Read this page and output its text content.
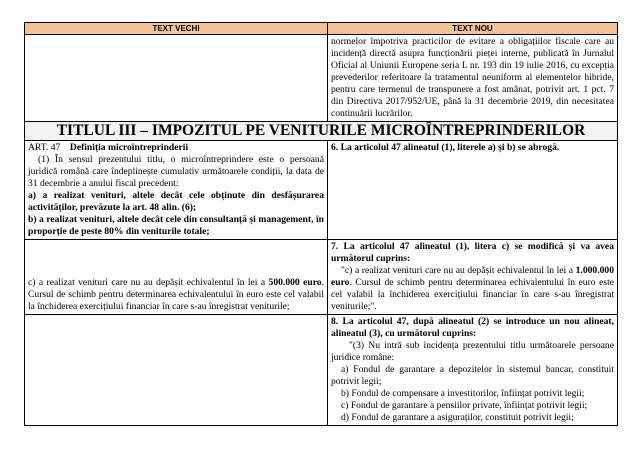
TEXT VECHI	TEXT NOU
normelor împotriva practicilor de evitare a obligațiilor fiscale care au incidență directă asupra funcționării pieței interne, publicată în Jurnalul Oficial al Uniunii Europene seria L nr. 193 din 19 iulie 2016, cu excepția prevederilor referitoare la tratamentul neuniform al elementelor hibride, pentru care termenul de transpunere a fost amânat, potrivit art. 1 pct. 7 din Directiva 2017/952/UE, până la 31 decembrie 2019, din necesitatea continuării lucrărilor.
TITLUL III – IMPOZITUL PE VENITURILE MICROÎNTREPRINDERILOR

ART. 47 Definiția microîntreprinderii

(1) În sensul prezentului titlu, o microîntreprindere este o persoană juridică română care îndeplinește cumulativ următoarele condiții, la data de 31 decembrie a anului fiscal precedent:

a) a realizat venituri, altele decât cele obținute din desfășurarea activităților, prevăzute la art. 48 alin. (6);

b) a realizat venituri, altele decât cele din consultanță și management, în proporție de peste 80% din veniturile totale;

6. La articolul 47 alineatul (1), literele a) și b) se abrogă.

c) a realizat venituri care nu au depășit echivalentul în lei a 500.000 euro. Cursul de schimb pentru determinarea echivalentului în euro este cel valabil la închiderea exercițiului financiar în care s-au înregistrat veniturile;

7. La articolul 47 alineatul (1), litera c) se modifică și va avea următorul cuprins:

"c) a realizat venituri care nu au depășit echivalentul în lei a 1.000.000 euro. Cursul de schimb pentru determinarea echivalentului în euro este cel valabil la închiderea exercițiului financiar în care s-au înregistrat veniturile;".

8. La articolul 47, după alineatul (2) se introduce un nou alineat, alineatul (3), cu următorul cuprins:

"(3) Nu intră sub incidența prezentului titlu următoarele persoane juridice române:

a) Fondul de garantare a depozitelor în sistemul bancar, constituit potrivit legii;

b) Fondul de compensare a investitorilor, înființat potrivit legii;

c) Fondul de garantare a pensiilor private, înființat potrivit legii;

d) Fondul de garantare a asiguraților, constituit potrivit legii;
